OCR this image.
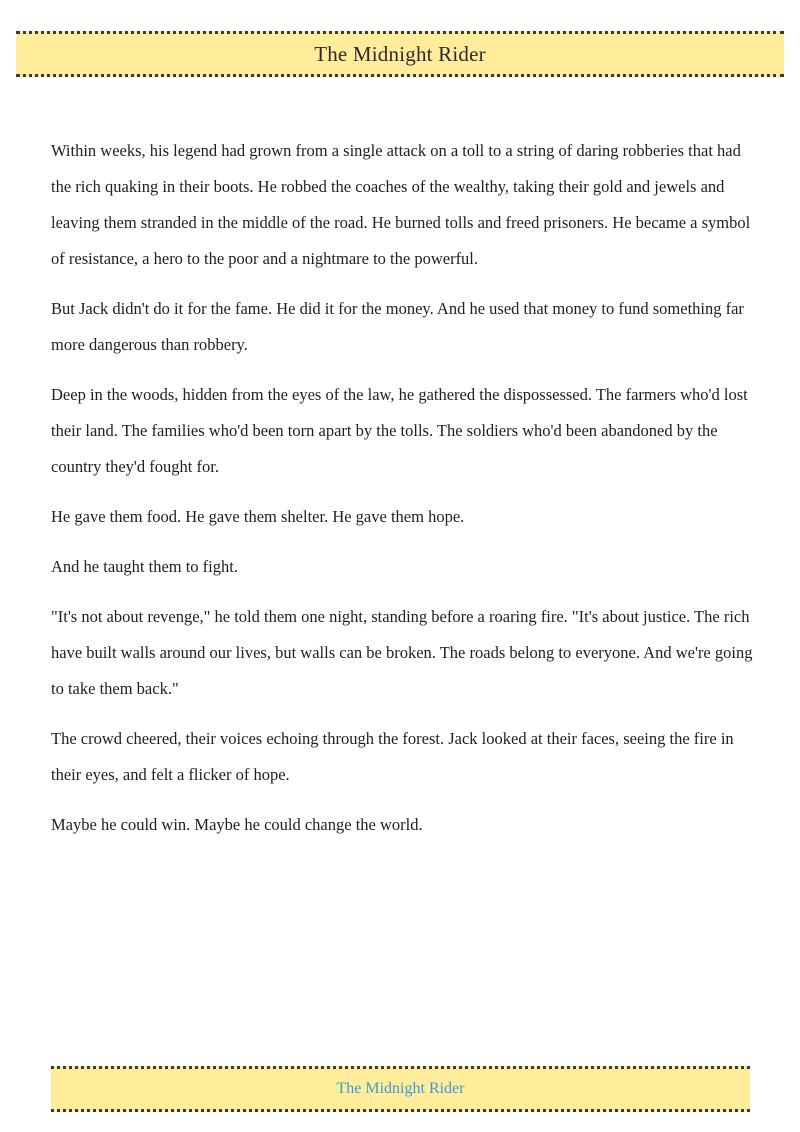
The Midnight Rider

Within weeks, his legend had grown from a single attack on a toll to a string of daring robberies that had the rich quaking in their boots. He robbed the coaches of the wealthy, taking their gold and jewels and leaving them stranded in the middle of the road. He burned tolls and freed prisoners. He became a symbol of resistance, a hero to the poor and a nightmare to the powerful.

But Jack didn't do it for the fame. He did it for the money. And he used that money to fund something far more dangerous than robbery.

Deep in the woods, hidden from the eyes of the law, he gathered the dispossessed. The farmers who'd lost their land. The families who'd been torn apart by the tolls. The soldiers who'd been abandoned by the country they'd fought for.

He gave them food. He gave them shelter. He gave them hope.

And he taught them to fight.

"It's not about revenge," he told them one night, standing before a roaring fire. "It's about justice. The rich have built walls around our lives, but walls can be broken. The roads belong to everyone. And we're going to take them back."

The crowd cheered, their voices echoing through the forest. Jack looked at their faces, seeing the fire in their eyes, and felt a flicker of hope.

Maybe he could win. Maybe he could change the world.

The Midnight Rider
